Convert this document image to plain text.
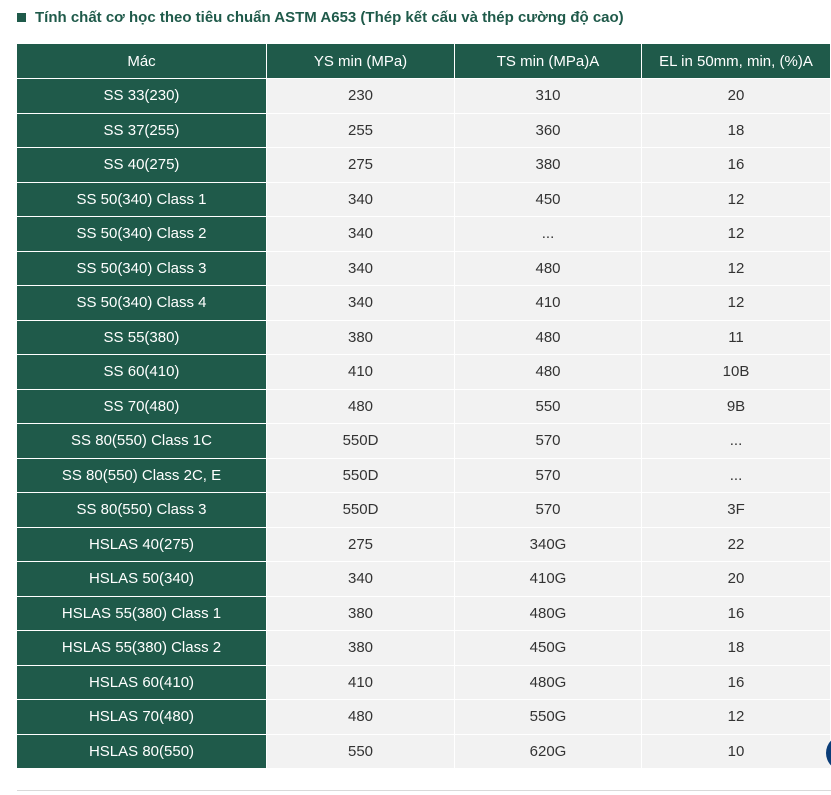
Tính chất cơ học theo tiêu chuẩn ASTM A653 (Thép kết cấu và thép cường độ cao)
Mác	YS min (MPa)	TS min (MPa)A	EL in 50mm, min, (%)A
SS 33(230)	230	310	20
SS 37(255)	255	360	18
SS 40(275)	275	380	16
SS 50(340) Class 1	340	450	12
SS 50(340) Class 2	340	...	12
SS 50(340) Class 3	340	480	12
SS 50(340) Class 4	340	410	12
SS 55(380)	380	480	11
SS 60(410)	410	480	10B
SS 70(480)	480	550	9B
SS 80(550) Class 1C	550D	570	...
SS 80(550) Class 2C, E	550D	570	...
SS 80(550) Class 3	550D	570	3F
HSLAS 40(275)	275	340G	22
HSLAS 50(340)	340	410G	20
HSLAS 55(380) Class 1	380	480G	16
HSLAS 55(380) Class 2	380	450G	18
HSLAS 60(410)	410	480G	16
HSLAS 70(480)	480	550G	12
HSLAS 80(550)	550	620G	10
